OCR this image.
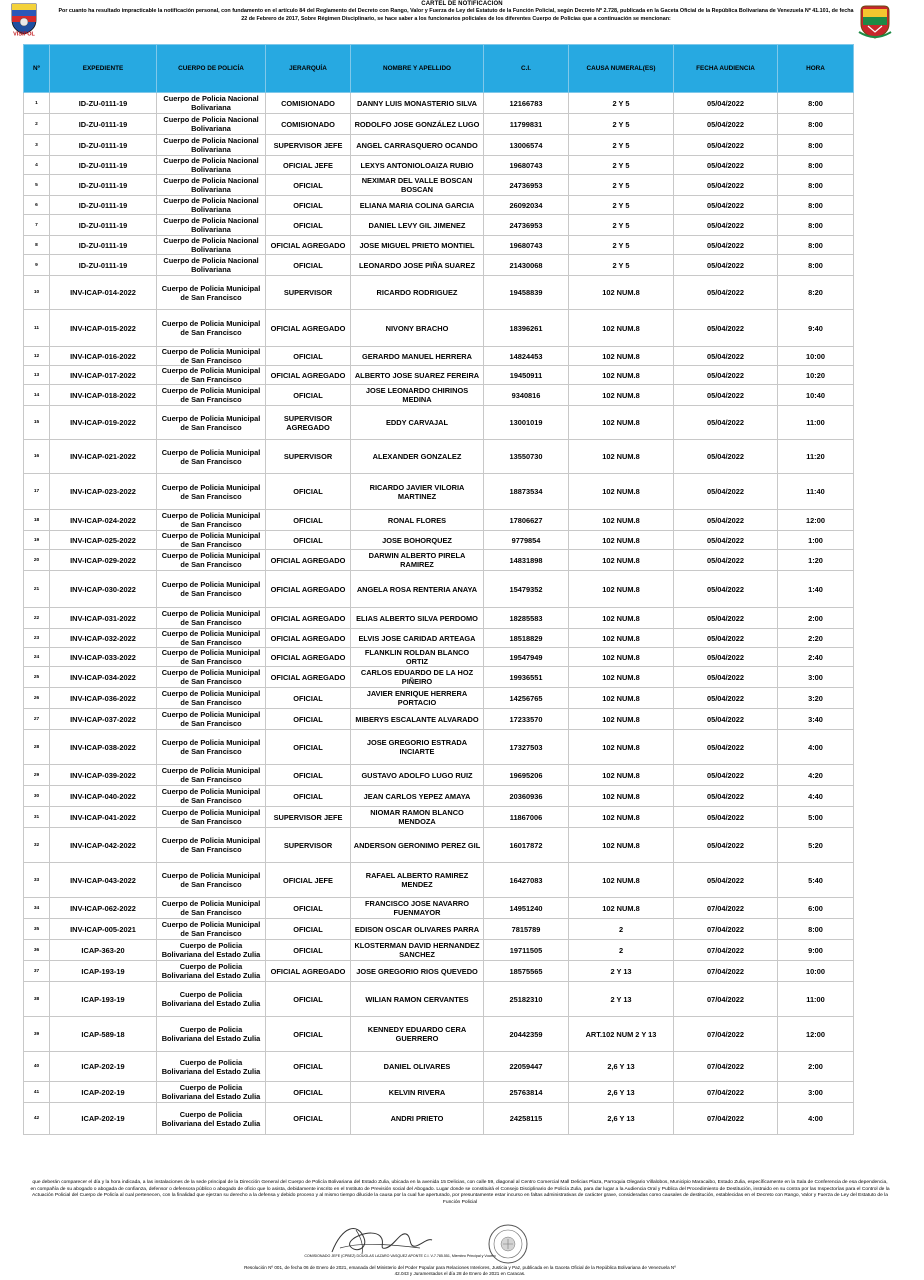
VISIPOL
CARTEL DE NOTIFICACIÓN
Por cuanto ha resultado impracticable la notificación personal, con fundamento en el artículo 84 del Reglamento del Decreto con Rango, Valor y Fuerza de Ley del Estatuto de la Función Policial, según Decreto Nº 2.728, publicada en la Gaceta Oficial de la República Bolivariana de Venezuela Nº 41.101, de fecha 22 de Febrero de 2017, Sobre Régimen Disciplinario, se hace saber a los funcionarios policiales de los diferentes Cuerpo de Policías que a continuación se mencionan:
Nº	EXPEDIENTE	CUERPO DE POLICÍA	JERARQUÍA	NOMBRE Y APELLIDO	C.I.	CAUSA NUMERAL(ES)	FECHA AUDIENCIA	HORA
1	ID-ZU-0111-19	Cuerpo de Policia Nacional Bolivariana	COMISIONADO	DANNY LUIS MONASTERIO SILVA	12166783	2 Y 5	05/04/2022	8:00
2	ID-ZU-0111-19	Cuerpo de Policia Nacional Bolivariana	COMISIONADO	RODOLFO JOSE GONZÁLEZ LUGO	11799831	2 Y 5	05/04/2022	8:00
3	ID-ZU-0111-19	Cuerpo de Policia Nacional Bolivariana	SUPERVISOR JEFE	ANGEL CARRASQUERO OCANDO	13006574	2 Y 5	05/04/2022	8:00
4	ID-ZU-0111-19	Cuerpo de Policia Nacional Bolivariana	OFICIAL JEFE	LEXYS ANTONIOLOAIZA RUBIO	19680743	2 Y 5	05/04/2022	8:00
5	ID-ZU-0111-19	Cuerpo de Policia Nacional Bolivariana	OFICIAL	NEXIMAR DEL VALLE BOSCAN BOSCAN	24736953	2 Y 5	05/04/2022	8:00
6	ID-ZU-0111-19	Cuerpo de Policia Nacional Bolivariana	OFICIAL	ELIANA MARIA COLINA GARCIA	26092034	2 Y 5	05/04/2022	8:00
7	ID-ZU-0111-19	Cuerpo de Policia Nacional Bolivariana	OFICIAL	DANIEL LEVY GIL JIMENEZ	24736953	2 Y 5	05/04/2022	8:00
8	ID-ZU-0111-19	Cuerpo de Policia Nacional Bolivariana	OFICIAL AGREGADO	JOSE MIGUEL PRIETO MONTIEL	19680743	2 Y 5	05/04/2022	8:00
9	ID-ZU-0111-19	Cuerpo de Policia Nacional Bolivariana	OFICIAL	LEONARDO JOSE PIÑA SUAREZ	21430068	2 Y 5	05/04/2022	8:00
10	INV-ICAP-014-2022	Cuerpo de Policia Municipal de San Francisco	SUPERVISOR	RICARDO RODRIGUEZ	19458839	102 NUM.8	05/04/2022	8:20
11	INV-ICAP-015-2022	Cuerpo de Policia Municipal de San Francisco	OFICIAL AGREGADO	NIVONY BRACHO	18396261	102 NUM.8	05/04/2022	9:40
12	INV-ICAP-016-2022	Cuerpo de Policia Municipal de San Francisco	OFICIAL	GERARDO MANUEL HERRERA	14824453	102 NUM.8	05/04/2022	10:00
13	INV-ICAP-017-2022	Cuerpo de Policia Municipal de San Francisco	OFICIAL AGREGADO	ALBERTO JOSE SUAREZ FEREIRA	19450911	102 NUM.8	05/04/2022	10:20
14	INV-ICAP-018-2022	Cuerpo de Policia Municipal de San Francisco	OFICIAL	JOSE LEONARDO CHIRINOS MEDINA	9340816	102 NUM.8	05/04/2022	10:40
15	INV-ICAP-019-2022	Cuerpo de Policia Municipal de San Francisco	SUPERVISOR AGREGADO	EDDY CARVAJAL	13001019	102 NUM.8	05/04/2022	11:00
16	INV-ICAP-021-2022	Cuerpo de Policia Municipal de San Francisco	SUPERVISOR	ALEXANDER GONZALEZ	13550730	102 NUM.8	05/04/2022	11:20
17	INV-ICAP-023-2022	Cuerpo de Policia Municipal de San Francisco	OFICIAL	RICARDO JAVIER VILORIA MARTINEZ	18873534	102 NUM.8	05/04/2022	11:40
18	INV-ICAP-024-2022	Cuerpo de Policia Municipal de San Francisco	OFICIAL	RONAL FLORES	17806627	102 NUM.8	05/04/2022	12:00
19	INV-ICAP-025-2022	Cuerpo de Policia Municipal de San Francisco	OFICIAL	JOSE BOHORQUEZ	9779854	102 NUM.8	05/04/2022	1:00
20	INV-ICAP-029-2022	Cuerpo de Policia Municipal de San Francisco	OFICIAL AGREGADO	DARWIN ALBERTO PIRELA RAMIREZ	14831898	102 NUM.8	05/04/2022	1:20
21	INV-ICAP-030-2022	Cuerpo de Policia Municipal de San Francisco	OFICIAL AGREGADO	ANGELA ROSA RENTERIA ANAYA	15479352	102 NUM.8	05/04/2022	1:40
22	INV-ICAP-031-2022	Cuerpo de Policia Municipal de San Francisco	OFICIAL AGREGADO	ELIAS ALBERTO SILVA PERDOMO	18285583	102 NUM.8	05/04/2022	2:00
23	INV-ICAP-032-2022	Cuerpo de Policia Municipal de San Francisco	OFICIAL AGREGADO	ELVIS JOSE CARIDAD ARTEAGA	18518829	102 NUM.8	05/04/2022	2:20
24	INV-ICAP-033-2022	Cuerpo de Policia Municipal de San Francisco	OFICIAL AGREGADO	FLANKLIN ROLDAN BLANCO ORTIZ	19547949	102 NUM.8	05/04/2022	2:40
25	INV-ICAP-034-2022	Cuerpo de Policia Municipal de San Francisco	OFICIAL AGREGADO	CARLOS EDUARDO DE LA HOZ PIÑEIRO	19936551	102 NUM.8	05/04/2022	3:00
26	INV-ICAP-036-2022	Cuerpo de Policia Municipal de San Francisco	OFICIAL	JAVIER ENRIQUE HERRERA PORTACIO	14256765	102 NUM.8	05/04/2022	3:20
27	INV-ICAP-037-2022	Cuerpo de Policia Municipal de San Francisco	OFICIAL	MIBERYS ESCALANTE ALVARADO	17233570	102 NUM.8	05/04/2022	3:40
28	INV-ICAP-038-2022	Cuerpo de Policia Municipal de San Francisco	OFICIAL	JOSE GREGORIO ESTRADA INCIARTE	17327503	102 NUM.8	05/04/2022	4:00
29	INV-ICAP-039-2022	Cuerpo de Policia Municipal de San Francisco	OFICIAL	GUSTAVO ADOLFO LUGO RUIZ	19695206	102 NUM.8	05/04/2022	4:20
30	INV-ICAP-040-2022	Cuerpo de Policia Municipal de San Francisco	OFICIAL	JEAN CARLOS YEPEZ AMAYA	20360936	102 NUM.8	05/04/2022	4:40
31	INV-ICAP-041-2022	Cuerpo de Policia Municipal de San Francisco	SUPERVISOR JEFE	NIOMAR RAMON BLANCO MENDOZA	11867006	102 NUM.8	05/04/2022	5:00
32	INV-ICAP-042-2022	Cuerpo de Policia Municipal de San Francisco	SUPERVISOR	ANDERSON GERONIMO PEREZ GIL	16017872	102 NUM.8	05/04/2022	5:20
33	INV-ICAP-043-2022	Cuerpo de Policia Municipal de San Francisco	OFICIAL JEFE	RAFAEL ALBERTO RAMIREZ MENDEZ	16427083	102 NUM.8	05/04/2022	5:40
34	INV-ICAP-062-2022	Cuerpo de Policia Municipal de San Francisco	OFICIAL	FRANCISCO JOSE NAVARRO FUENMAYOR	14951240	102 NUM.8	07/04/2022	6:00
35	INV-ICAP-005-2021	Cuerpo de Policia Municipal de San Francisco	OFICIAL	EDISON OSCAR OLIVARES PARRA	7815789	2	07/04/2022	8:00
36	ICAP-363-20	Cuerpo de Policia Bolivariana del Estado Zulia	OFICIAL	KLOSTERMAN DAVID HERNANDEZ SANCHEZ	19711505	2	07/04/2022	9:00
37	ICAP-193-19	Cuerpo de Policia Bolivariana del Estado Zulia	OFICIAL AGREGADO	JOSE GREGORIO RIOS QUEVEDO	18575565	2 Y 13	07/04/2022	10:00
38	ICAP-193-19	Cuerpo de Policia Bolivariana del Estado Zulia	OFICIAL	WILIAN RAMON CERVANTES	25182310	2 Y 13	07/04/2022	11:00
39	ICAP-589-18	Cuerpo de Policia Bolivariana del Estado Zulia	OFICIAL	KENNEDY EDUARDO CERA GUERRERO	20442359	ART.102 NUM 2 Y 13	07/04/2022	12:00
40	ICAP-202-19	Cuerpo de Policia Bolivariana del Estado Zulia	OFICIAL	DANIEL OLIVARES	22059447	2,6 Y 13	07/04/2022	2:00
41	ICAP-202-19	Cuerpo de Policia Bolivariana del Estado Zulia	OFICIAL	KELVIN RIVERA	25763814	2,6 Y 13	07/04/2022	3:00
42	ICAP-202-19	Cuerpo de Policia Bolivariana del Estado Zulia	OFICIAL	ANDRI PRIETO	24258115	2,6 Y 13	07/04/2022	4:00
que deberán comparecer el día y la hora indicada, a las instalaciones de la sede principal de la Dirección General del Cuerpo de Policía Bolivariana del Estado Zulia, ubicada en la avenida 15 Delicias, con calle 59, diagonal al Centro Comercial Mall Delicias Plaza, Parroquia Olegario Villalobos, Municipio Maracaibo, Estado Zulia, específicamente en la Sala de Conferencia de esa dependencia, en compañía de su abogado o abogada de confianza, defensor o defensora público o abogado de oficio que lo asista, debidamente inscrito en el Instituto de Previsión social del Abogado. Lugar donde se constituirá el Consejo Disciplinario de Policía Zulia, para dar lugar a la Audiencia Oral y Publica del Procedimiento de Destitución, instruido en su contra por las Inspectorías para el Control de la Actuación Policial del Cuerpo de Policía al cual pertenecen, con la finalidad que ejerzan su derecho a la defensa y debido proceso y al mismo tiempo dilucide la causa por la cual fue aperturado, por presuntamente estar incurso en faltas administrativas de carácter grave, consideradas como causales de destitución, establecidas en el Decreto con Rango, Valor y Fuerza de Ley del Estatuto de la Función Policial
COMISIONADO JEFE (CPBEZ) DOUGLAS LAZARO VASQUEZ APONTE C.I. V-7.785.551, Miembro Principal y Vocero
Resolución Nº 001, de fecha 06 de Enero de 2021, emanada del Ministerio del Poder Popular para Relaciones Interiores, Justicia y Paz, publicada en la Gaceta Oficial de la República Bolivariana de Venezuela Nº 42.043 y Juramentados el día 28 de Enero de 2021 en Caracas.
